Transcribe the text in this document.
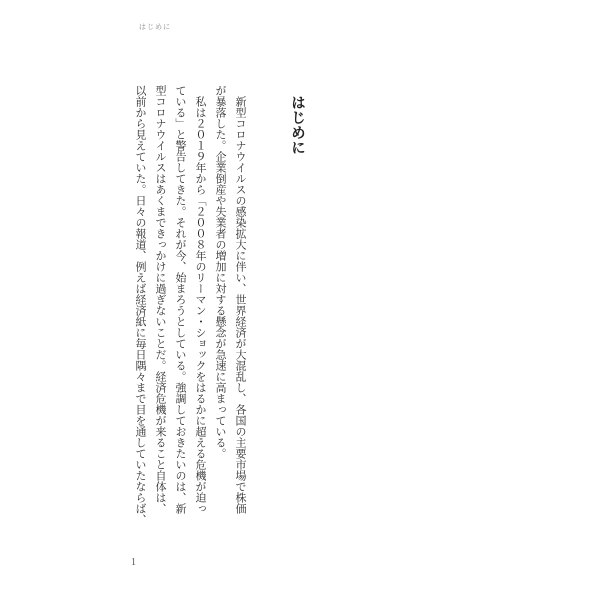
はじめに
はじめに
　新型コロナウイルスの感染拡大に伴い、世界経済が大混乱し、各国の主要市場で株価
が暴落した。企業倒産や失業者の増加に対する懸念が急速に高まっている。
　私は２０１９年から「２００８年のリーマン・ショックをはるかに超える危機が迫っ
ている」と警告してきた。それが今、始まろうとしている。強調しておきたいのは、新
型コロナウイルスはあくまできっかけに過ぎないことだ。経済危機が来ること自体は、
以前から見えていた。日々の報道、例えば経済紙に毎日隅々まで目を通していたならば、
1
